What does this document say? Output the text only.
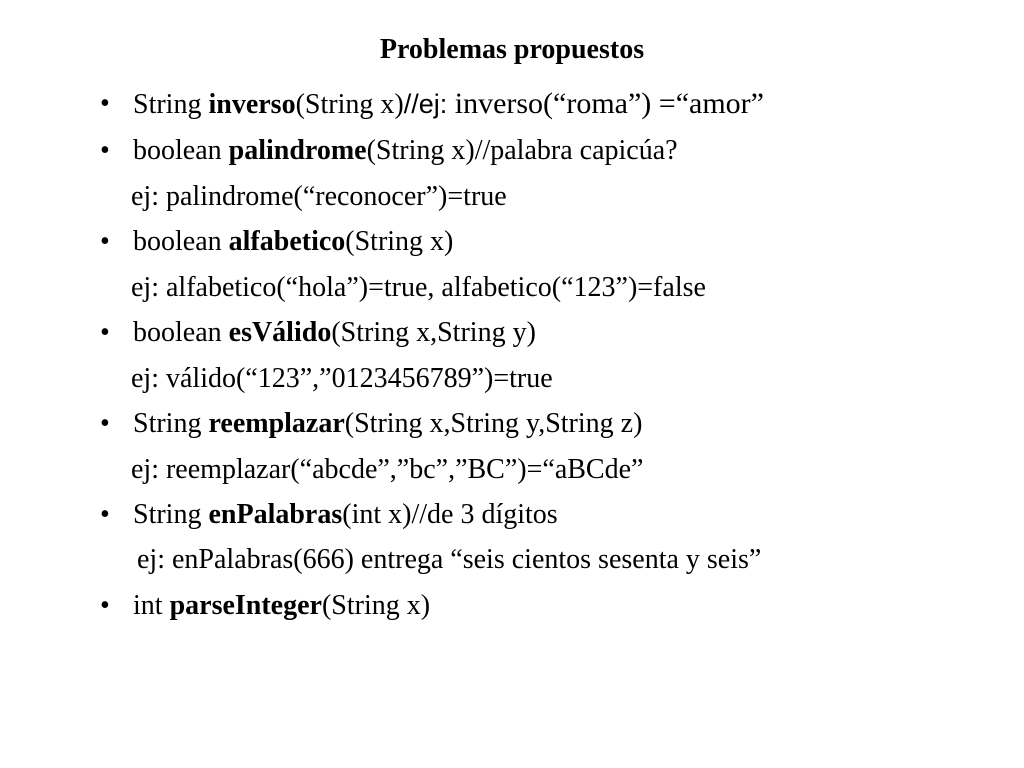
Problemas propuestos
• String inverso(String x)//ej: inverso(“roma”) =“amor”
• boolean palindrome(String x)//palabra capicúa?
ej: palindrome(“reconocer”)=true
• boolean alfabetico(String x)
ej: alfabetico(“hola”)=true, alfabetico(“123”)=false
• boolean esVálido(String x,String y)
ej: válido(“123”,”0123456789”)=true
• String reemplazar(String x,String y,String z)
ej: reemplazar(“abcde”,”bc”,”BC”)=“aBCde”
• String enPalabras(int x)//de 3 dígitos
ej: enPalabras(666) entrega “seis cientos sesenta y seis”
• int parseInteger(String x)
